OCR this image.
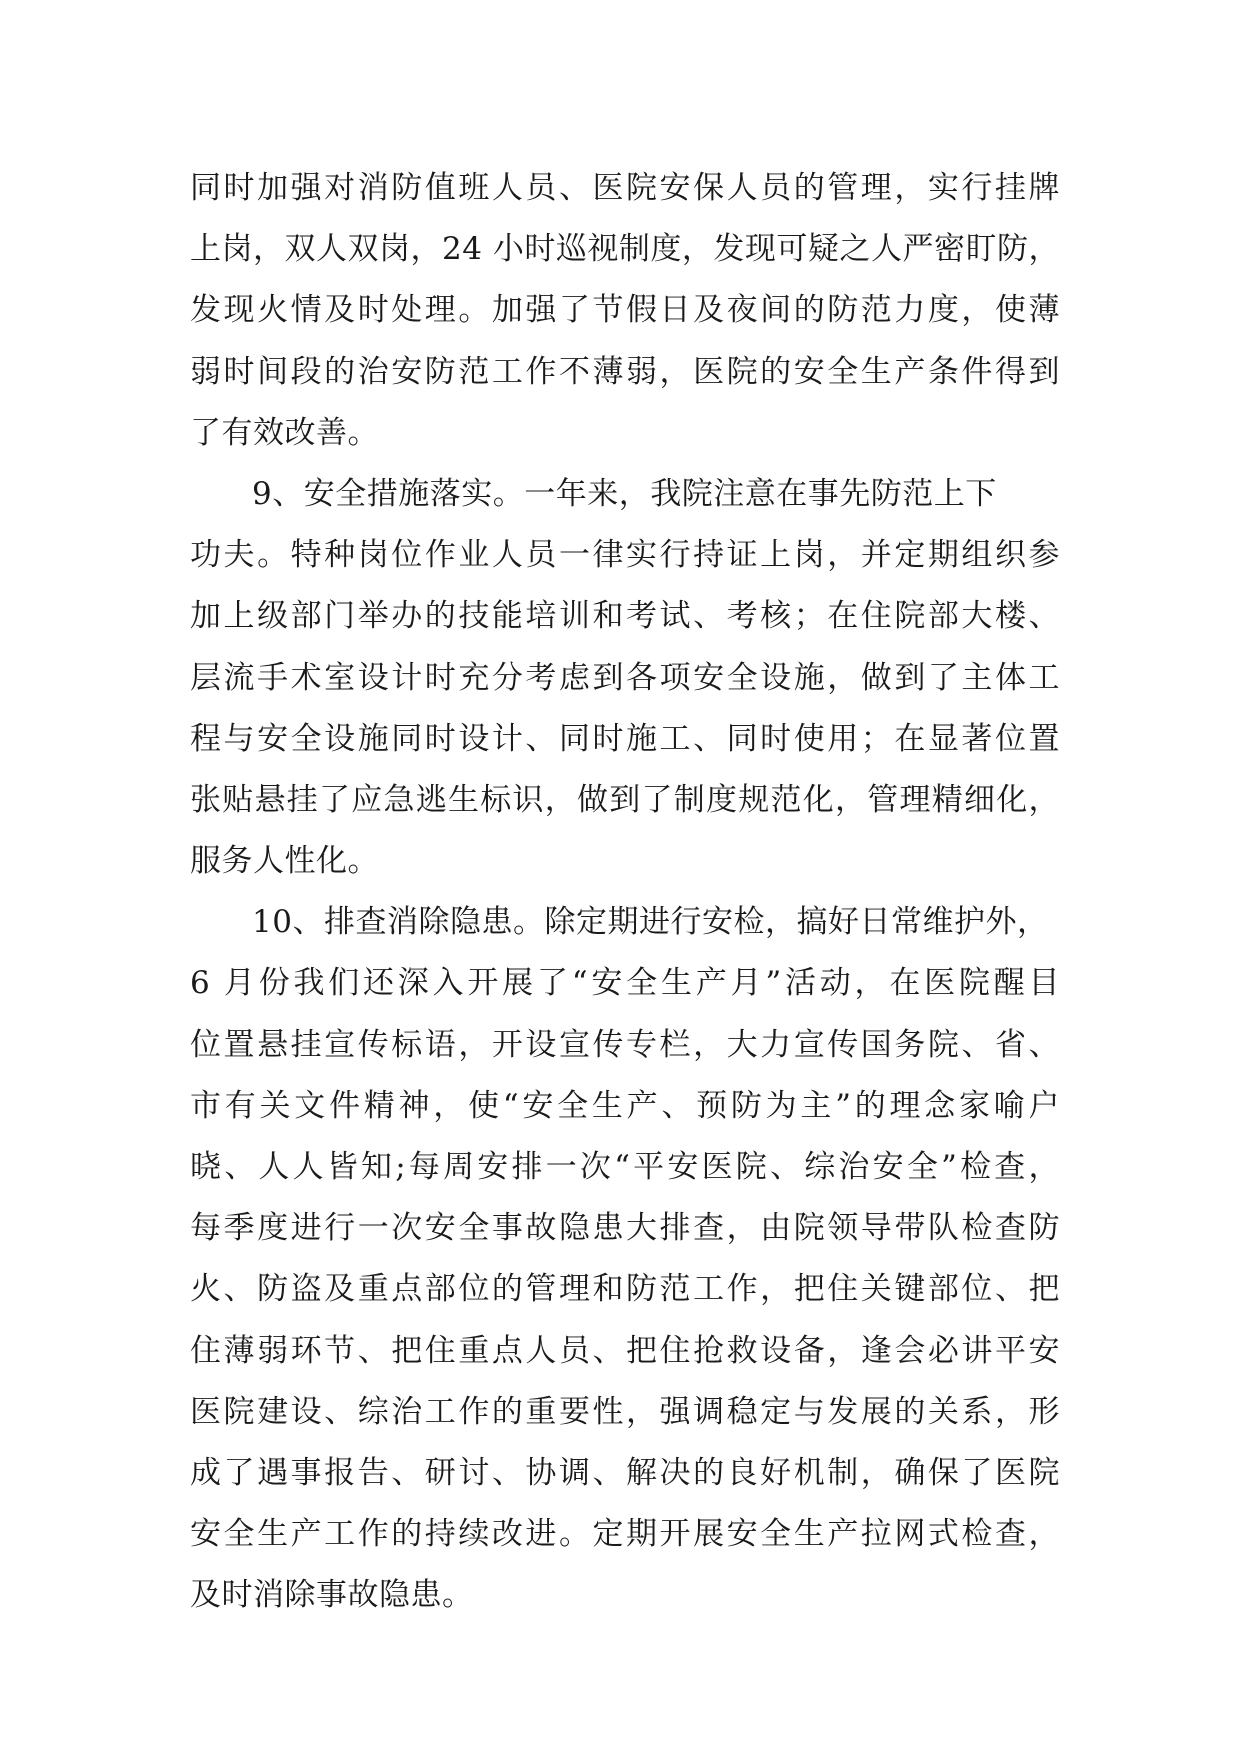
同时加强对消防值班人员、医院安保人员的管理，实行挂牌
上岗，双人双岗，24 小时巡视制度，发现可疑之人严密盯防，
发现火情及时处理。加强了节假日及夜间的防范力度，使薄
弱时间段的治安防范工作不薄弱，医院的安全生产条件得到
了有效改善。
9、安全措施落实。一年来，我院注意在事先防范上下
功夫。特种岗位作业人员一律实行持证上岗，并定期组织参
加上级部门举办的技能培训和考试、考核；在住院部大楼、
层流手术室设计时充分考虑到各项安全设施，做到了主体工
程与安全设施同时设计、同时施工、同时使用；在显著位置
张贴悬挂了应急逃生标识，做到了制度规范化，管理精细化，
服务人性化。
10、排查消除隐患。除定期进行安检，搞好日常维护外，
6 月份我们还深入开展了“安全生产月”活动，在医院醒目
位置悬挂宣传标语，开设宣传专栏，大力宣传国务院、省、
市有关文件精神，使“安全生产、预防为主”的理念家喻户
晓、人人皆知;每周安排一次“平安医院、综治安全”检查，
每季度进行一次安全事故隐患大排查，由院领导带队检查防
火、防盗及重点部位的管理和防范工作，把住关键部位、把
住薄弱环节、把住重点人员、把住抢救设备，逢会必讲平安
医院建设、综治工作的重要性，强调稳定与发展的关系，形
成了遇事报告、研讨、协调、解决的良好机制，确保了医院
安全生产工作的持续改进。定期开展安全生产拉网式检查，
及时消除事故隐患。
